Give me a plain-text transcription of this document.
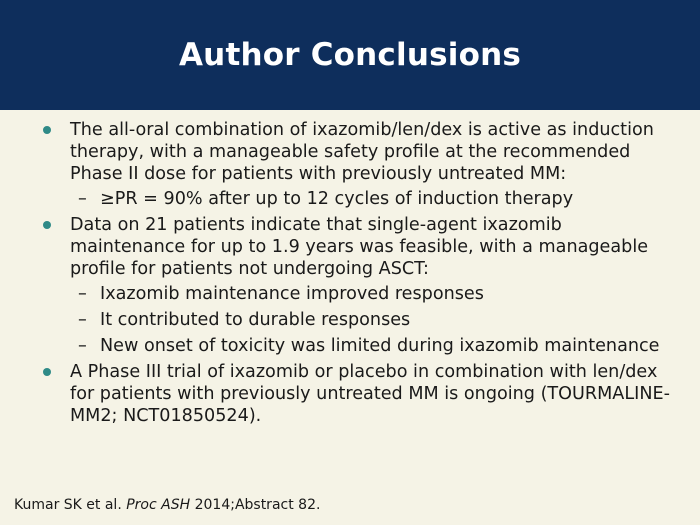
Author Conclusions
The all-oral combination of ixazomib/len/dex is active as induction therapy, with a manageable safety profile at the recommended Phase II dose for patients with previously untreated MM:
– ≥PR = 90% after up to 12 cycles of induction therapy
Data on 21 patients indicate that single-agent ixazomib maintenance for up to 1.9 years was feasible, with a manageable profile for patients not undergoing ASCT:
– Ixazomib maintenance improved responses
– It contributed to durable responses
– New onset of toxicity was limited during ixazomib maintenance
A Phase III trial of ixazomib or placebo in combination with len/dex for patients with previously untreated MM is ongoing (TOURMALINE-MM2; NCT01850524).
Kumar SK et al. Proc ASH 2014;Abstract 82.
